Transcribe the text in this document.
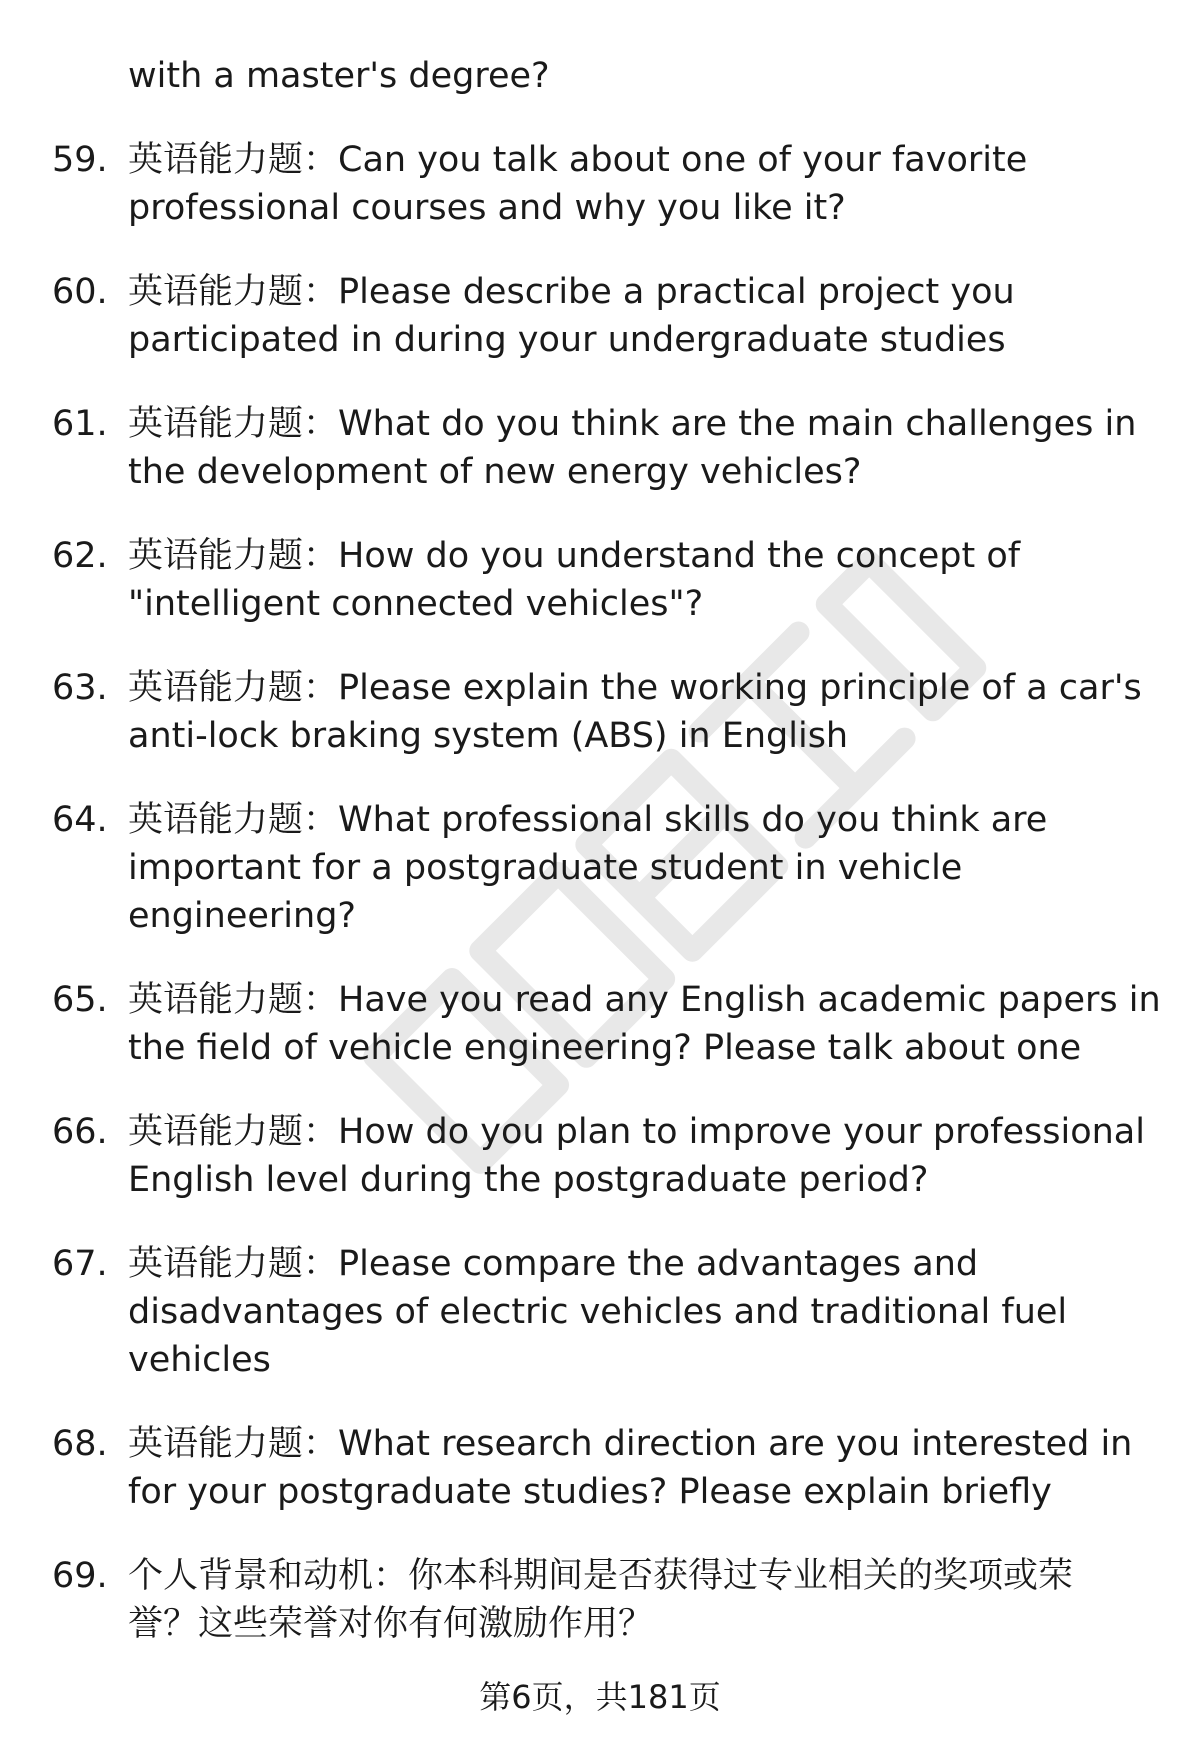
with a master's degree?
59. 英语能力题：Can you talk about one of your favorite
professional courses and why you like it?
60. 英语能力题：Please describe a practical project you
participated in during your undergraduate studies
61. 英语能力题：What do you think are the main challenges in
the development of new energy vehicles?
62. 英语能力题：How do you understand the concept of
"intelligent connected vehicles"?
63. 英语能力题：Please explain the working principle of a car's
anti-lock braking system (ABS) in English
64. 英语能力题：What professional skills do you think are
important for a postgraduate student in vehicle
engineering?
65. 英语能力题：Have you read any English academic papers in
the field of vehicle engineering? Please talk about one
66. 英语能力题：How do you plan to improve your professional
English level during the postgraduate period?
67. 英语能力题：Please compare the advantages and
disadvantages of electric vehicles and traditional fuel
vehicles
68. 英语能力题：What research direction are you interested in
for your postgraduate studies? Please explain briefly
69. 个人背景和动机：你本科期间是否获得过专业相关的奖项或荣
誉？这些荣誉对你有何激励作用？
第6页，共181页
